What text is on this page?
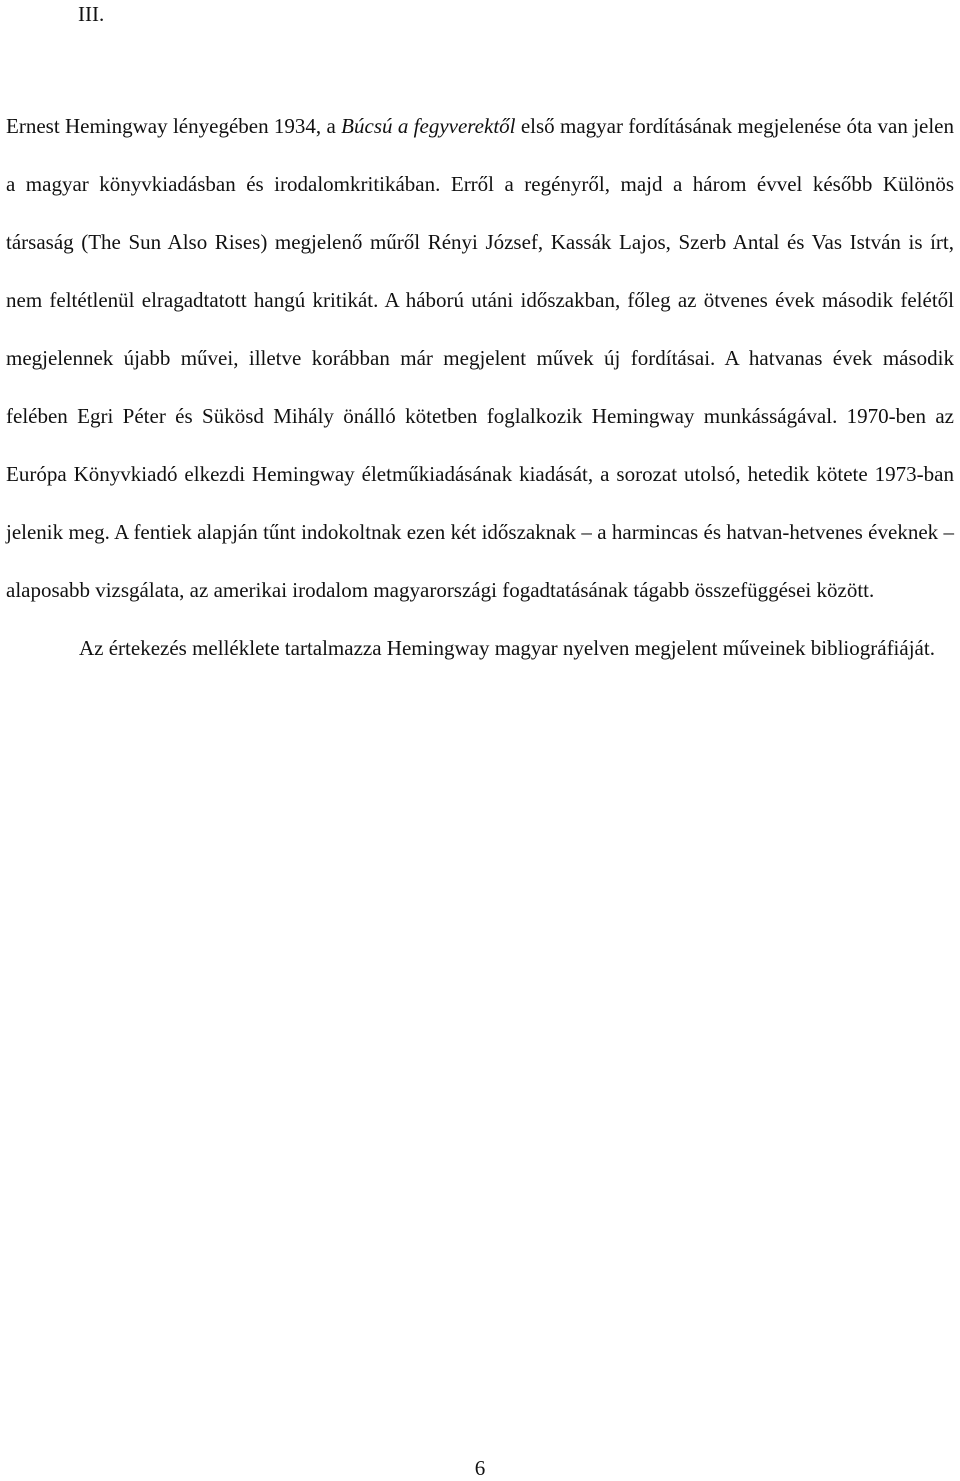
III.

Ernest Hemingway lényegében 1934, a Búcsú a fegyverektől első magyar fordításának megjelenése óta van jelen a magyar könyvkiadásban és irodalomkritikában. Erről a regényről, majd a három évvel később Különös társaság (The Sun Also Rises) megjelenő műről Rényi József, Kassák Lajos, Szerb Antal és Vas István is írt, nem feltétlenül elragadtatott hangú kritikát. A háború utáni időszakban, főleg az ötvenes évek második felétől megjelennek újabb művei, illetve korábban már megjelent művek új fordításai. A hatvanas évek második felében Egri Péter és Sükösd Mihály önálló kötetben foglalkozik Hemingway munkásságával. 1970-ben az Európa Könyvkiadó elkezdi Hemingway életműkiadásának kiadását, a sorozat utolsó, hetedik kötete 1973-ban jelenik meg. A fentiek alapján tűnt indokoltnak ezen két időszaknak – a harmincas és hatvan-hetvenes éveknek – alaposabb vizsgálata, az amerikai irodalom magyarországi fogadtatásának tágabb összefüggései között.

Az értekezés melléklete tartalmazza Hemingway magyar nyelven megjelent műveinek bibliográfiáját.

6
